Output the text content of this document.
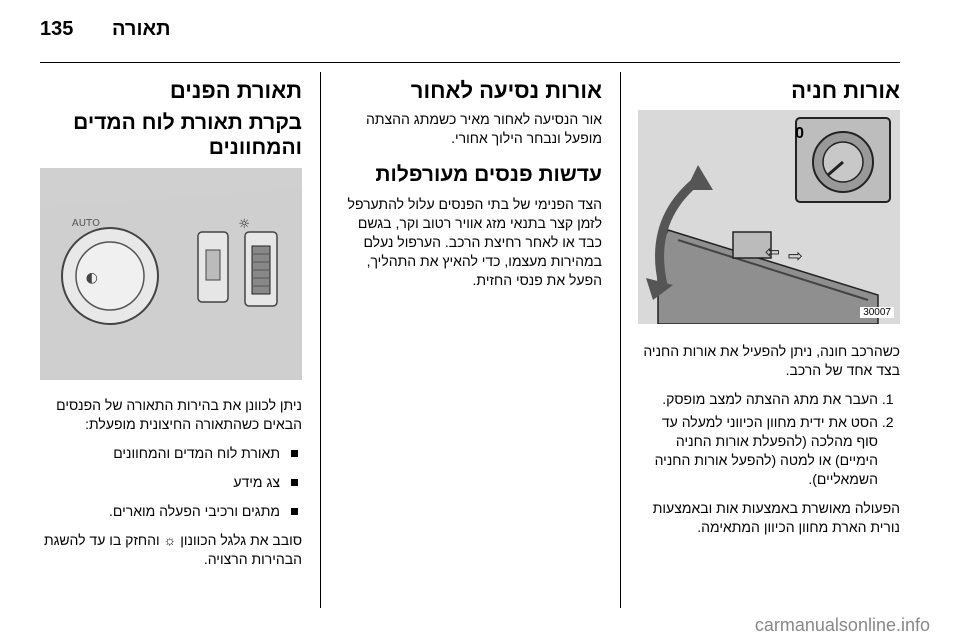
135 תאורה
אורות חניה
0
⇦ ⇨
30007

כשהרכב חונה, ניתן להפעיל את אורות החניה בצד אחד של הרכב.

1. העבר את מתג ההצתה למצב מופסק.
2. הסט את ידית מחוון הכיווני למעלה עד סוף מהלכה (להפעלת אורות החניה הימיים) או למטה (להפעל אורות החניה השמאליים).

הפעולה מאושרת באמצעות אות ובאמצעות נורית הארת מחוון הכיוון המתאימה.

אורות נסיעה לאחור

אור הנסיעה לאחור מאיר כשמתג ההצתה מופעל ונבחר הילוך אחורי.

עדשות פנסים מעורפלות

הצד הפנימי של בתי הפנסים עלול להתערפל לזמן קצר בתנאי מזג אוויר רטוב וקר, בגשם כבד או לאחר רחיצת הרכב. הערפול נעלם במהירות מעצמו, כדי להאיץ את התהליך, הפעל את פנסי החזית.

תאורת הפנים
בקרת תאורת לוח המדים והמחוונים
◐
☼
AUTO

ניתן לכוונן את בהירות התאורה של הפנסים הבאים כשהתאורה החיצונית מופעלת:

תאורת לוח המדים והמחוונים
צג מידע
מתגים ורכיבי הפעלה מוארים.

סובב את גלגל הכוונון ☼ והחזק בו עד להשגת הבהירות הרצויה.

carmanualsonline.info
